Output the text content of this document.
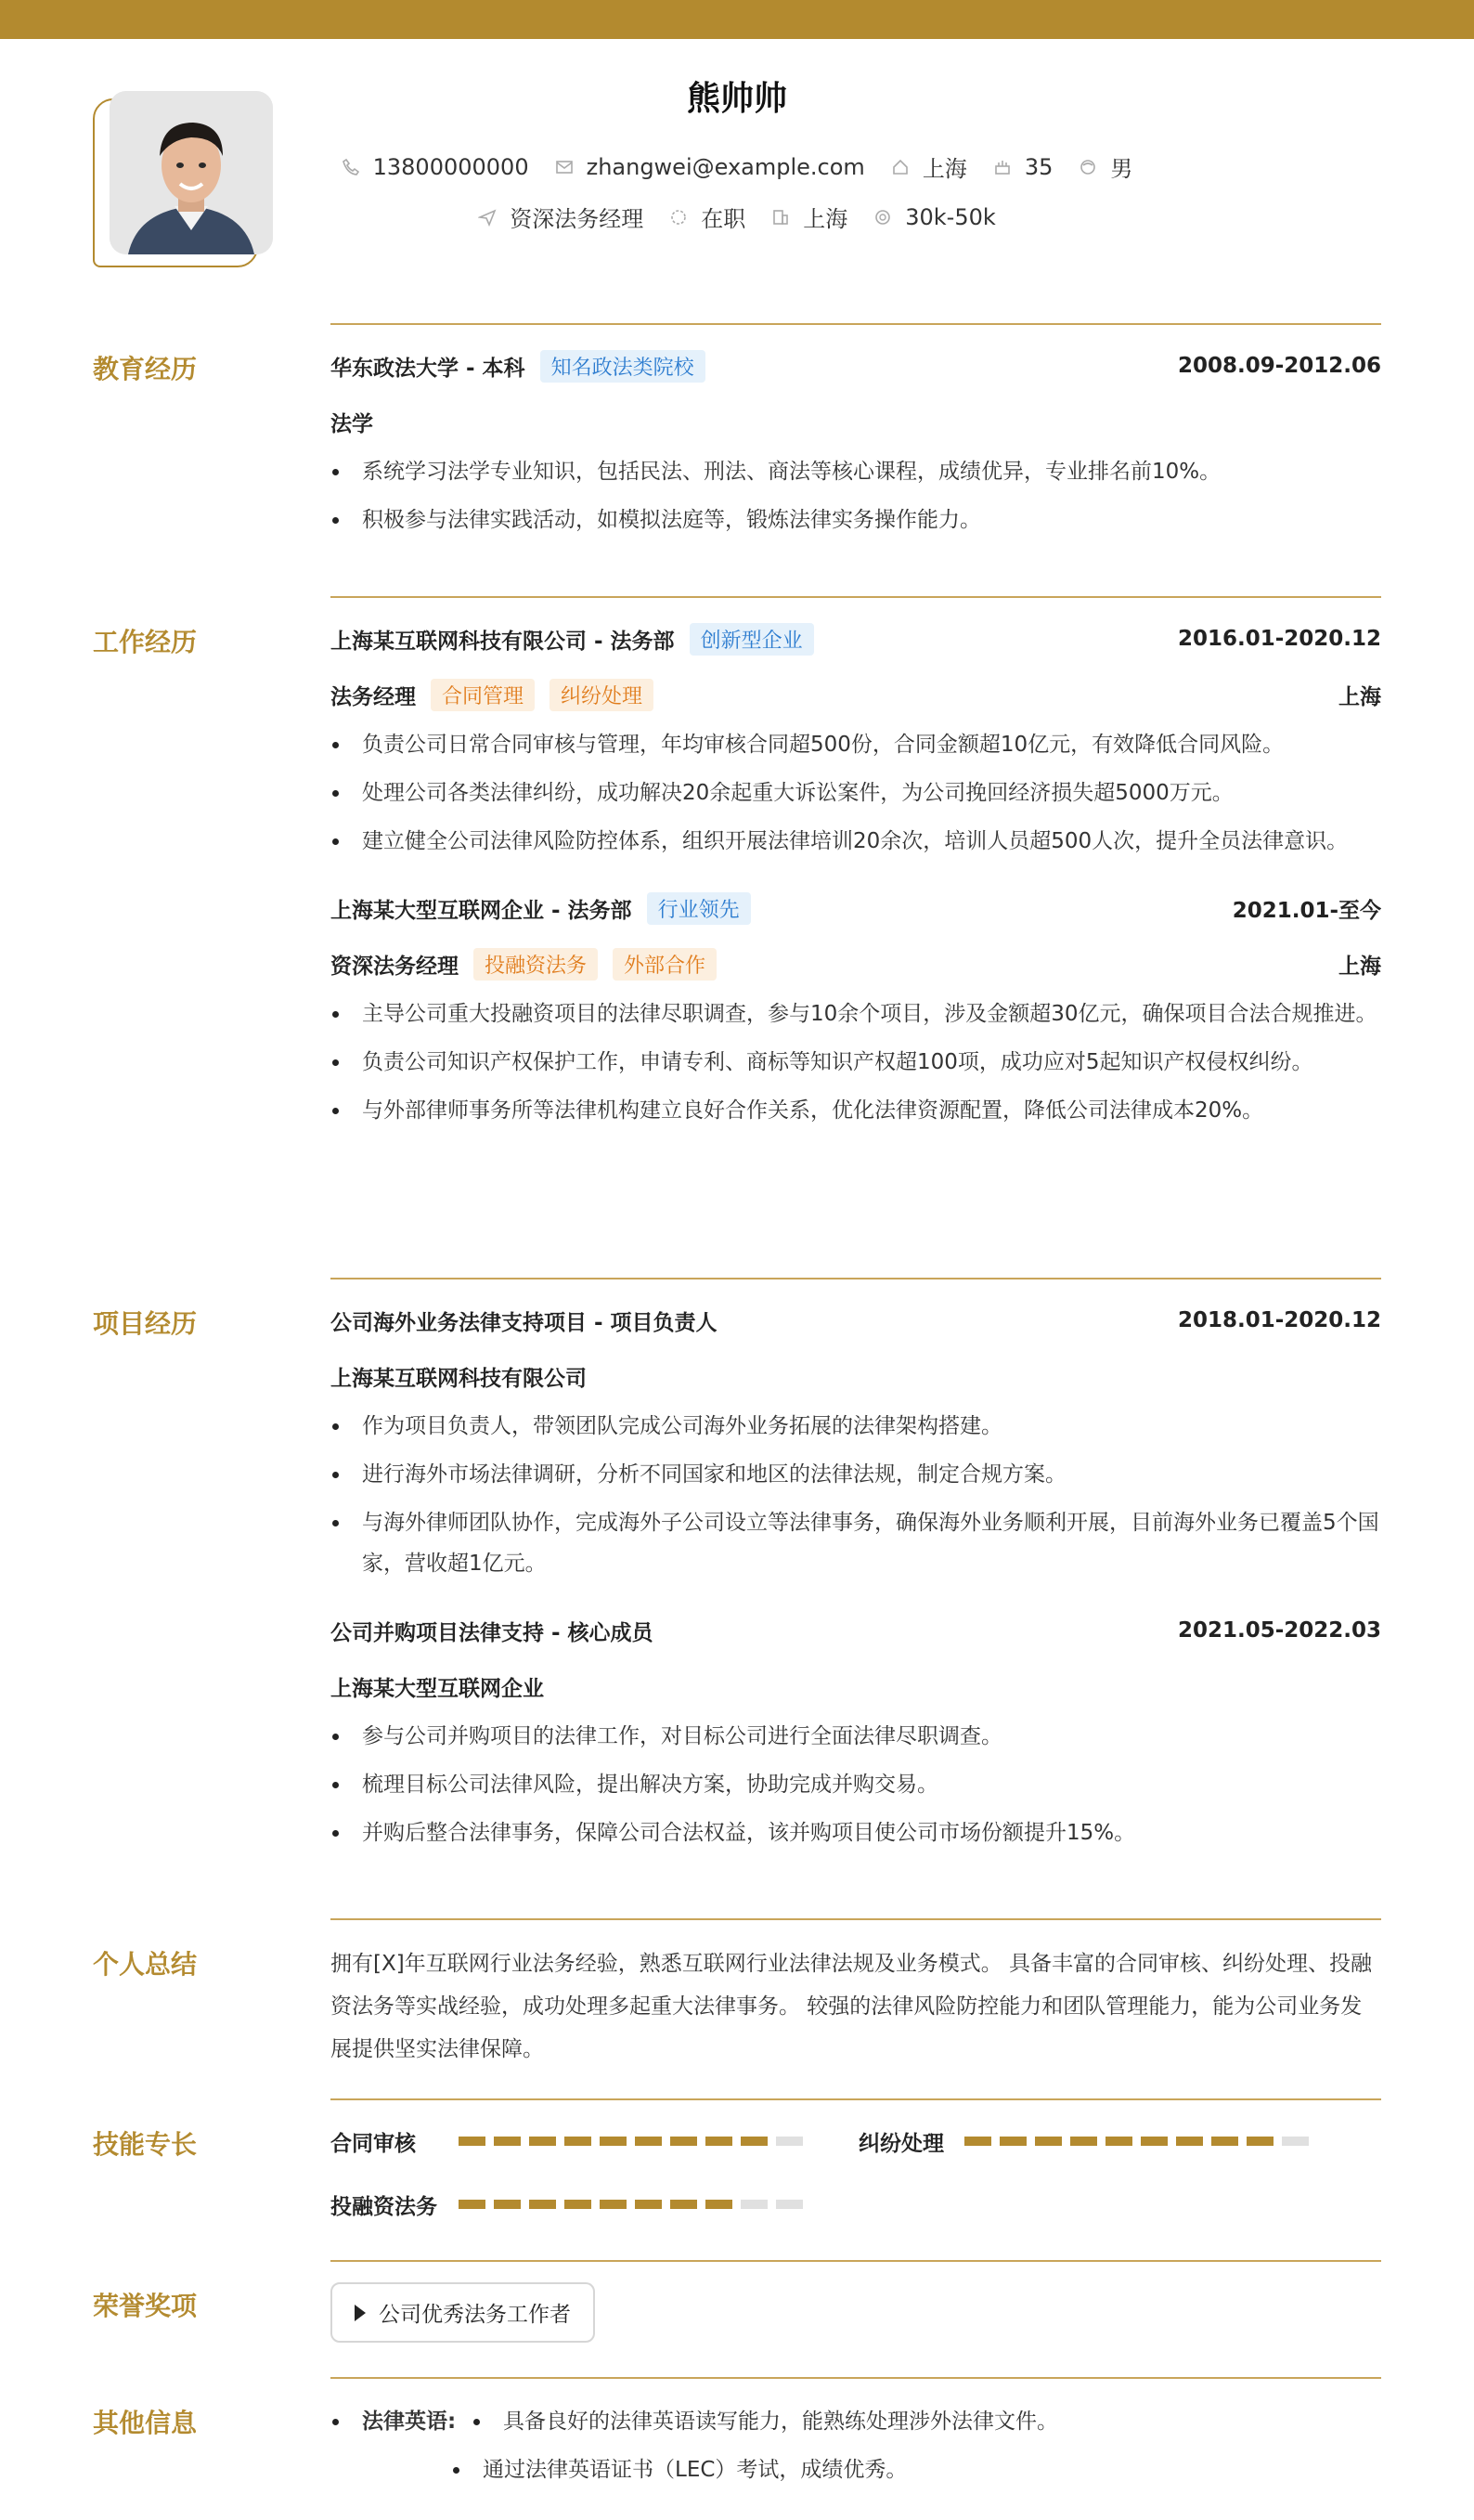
熊帅帅
13800000000	zhangwei@example.com	上海	35	男
资深法务经理	在职	上海	30k-50k
教育经历	华东政法大学 - 本科	知名政法类院校	2008.09-2012.06
法学
系统学习法学专业知识，包括民法、刑法、商法等核心课程，成绩优异，专业排名前10%。
积极参与法律实践活动，如模拟法庭等，锻炼法律实务操作能力。
工作经历	上海某互联网科技有限公司 - 法务部	创新型企业	2016.01-2020.12
法务经理	合同管理	纠纷处理	上海
负责公司日常合同审核与管理，年均审核合同超500份，合同金额超10亿元，有效降低合同风险。
处理公司各类法律纠纷，成功解决20余起重大诉讼案件，为公司挽回经济损失超5000万元。
建立健全公司法律风险防控体系，组织开展法律培训20余次，培训人员超500人次，提升全员法律意识。
上海某大型互联网企业 - 法务部	行业领先	2021.01-至今
资深法务经理	投融资法务	外部合作	上海
主导公司重大投融资项目的法律尽职调查，参与10余个项目，涉及金额超30亿元，确保项目合法合规推进。
负责公司知识产权保护工作，申请专利、商标等知识产权超100项，成功应对5起知识产权侵权纠纷。
与外部律师事务所等法律机构建立良好合作关系，优化法律资源配置，降低公司法律成本20%。
项目经历	公司海外业务法律支持项目 - 项目负责人	2018.01-2020.12
上海某互联网科技有限公司
作为项目负责人，带领团队完成公司海外业务拓展的法律架构搭建。
进行海外市场法律调研，分析不同国家和地区的法律法规，制定合规方案。
与海外律师团队协作，完成海外子公司设立等法律事务，确保海外业务顺利开展，目前海外业务已覆盖5个国家，营收超1亿元。
公司并购项目法律支持 - 核心成员	2021.05-2022.03
上海某大型互联网企业
参与公司并购项目的法律工作，对目标公司进行全面法律尽职调查。
梳理目标公司法律风险，提出解决方案，协助完成并购交易。
并购后整合法律事务，保障公司合法权益，该并购项目使公司市场份额提升15%。
个人总结	拥有[X]年互联网行业法务经验，熟悉互联网行业法律法规及业务模式。 具备丰富的合同审核、纠纷处理、投融资法务等实战经验，成功处理多起重大法律事务。 较强的法律风险防控能力和团队管理能力，能为公司业务发展提供坚实法律保障。
技能专长	合同审核	纠纷处理
投融资法务
荣誉奖项	公司优秀法务工作者
其他信息	法律英语:	具备良好的法律英语读写能力，能熟练处理涉外法律文件。
通过法律英语证书（LEC）考试，成绩优秀。
